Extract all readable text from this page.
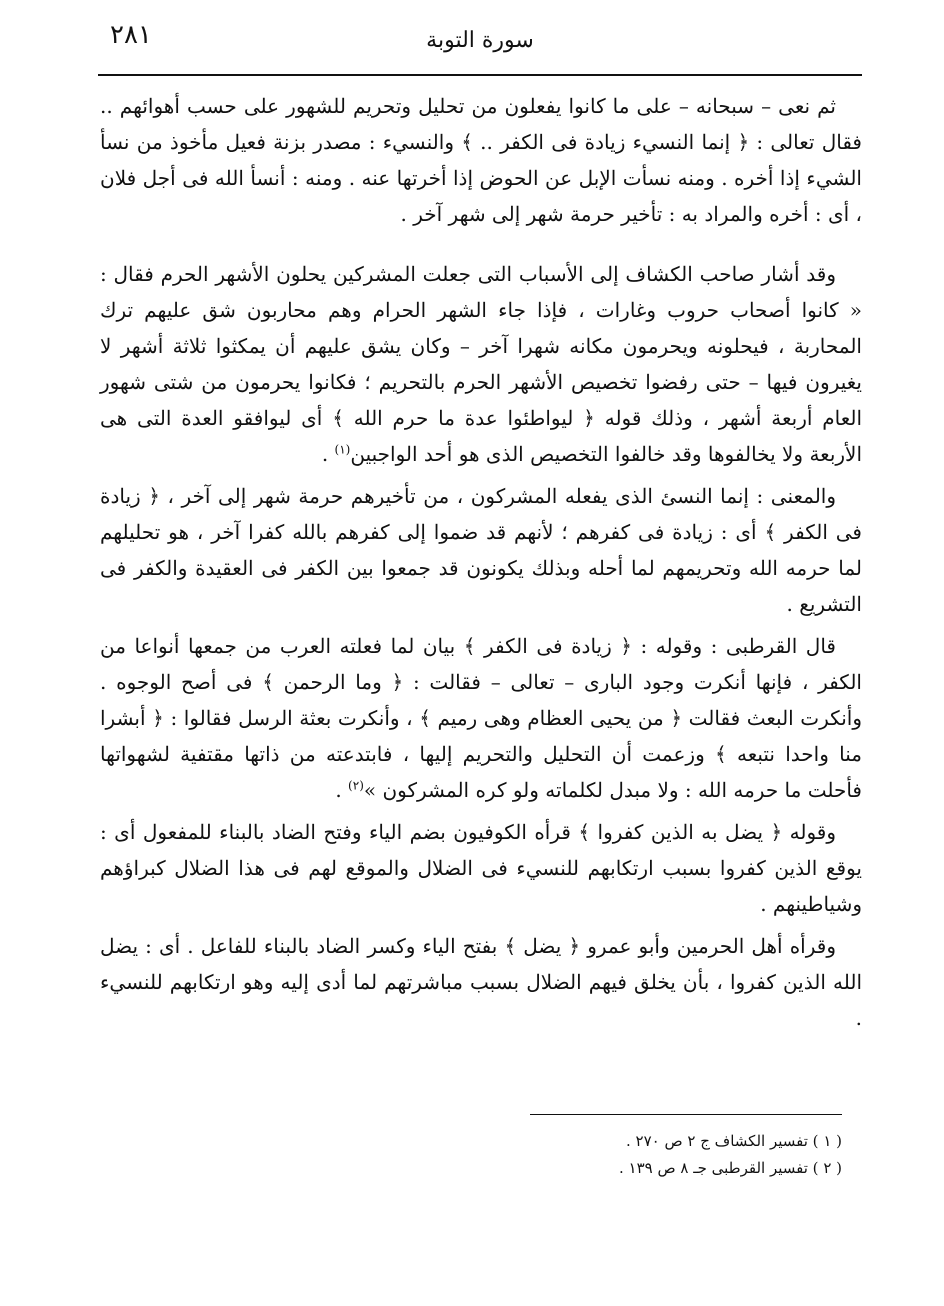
٢٨١	سورة التوبة

ثم نعى – سبحانه – على ما كانوا يفعلون من تحليل وتحريم للشهور على حسب أهوائهم .. فقال تعالى : ﴿ إنما النسيء زيادة فى الكفر .. ﴾ والنسيء : مصدر بزنة فعيل مأخوذ من نسأ الشيء إذا أخره . ومنه نسأت الإبل عن الحوض إذا أخرتها عنه . ومنه : أنسأ الله فى أجل فلان ، أى : أخره والمراد به : تأخير حرمة شهر إلى شهر آخر .

وقد أشار صاحب الكشاف إلى الأسباب التى جعلت المشركين يحلون الأشهر الحرم فقال : « كانوا أصحاب حروب وغارات ، فإذا جاء الشهر الحرام وهم محاربون شق عليهم ترك المحاربة ، فيحلونه ويحرمون مكانه شهرا آخر – وكان يشق عليهم أن يمكثوا ثلاثة أشهر لا يغيرون فيها – حتى رفضوا تخصيص الأشهر الحرم بالتحريم ؛ فكانوا يحرمون من شتى شهور العام أربعة أشهر ، وذلك قوله ﴿ ليواطئوا عدة ما حرم الله ﴾ أى ليوافقو العدة التى هى الأربعة ولا يخالفوها وقد خالفوا التخصيص الذى هو أحد الواجبين$^{(١)}$ .

والمعنى : إنما النسئ الذى يفعله المشركون ، من تأخيرهم حرمة شهر إلى آخر ، ﴿ زيادة فى الكفر ﴾ أى : زيادة فى كفرهم ؛ لأنهم قد ضموا إلى كفرهم بالله كفرا آخر ، هو تحليلهم لما حرمه الله وتحريمهم لما أحله وبذلك يكونون قد جمعوا بين الكفر فى العقيدة والكفر فى التشريع .

قال القرطبى : وقوله : ﴿ زيادة فى الكفر ﴾ بيان لما فعلته العرب من جمعها أنواعا من الكفر ، فإنها أنكرت وجود البارى – تعالى – فقالت : ﴿ وما الرحمن ﴾ فى أصح الوجوه . وأنكرت البعث فقالت ﴿ من يحيى العظام وهى رميم ﴾ ، وأنكرت بعثة الرسل فقالوا : ﴿ أبشرا منا واحدا نتبعه ﴾ وزعمت أن التحليل والتحريم إليها ، فابتدعته من ذاتها مقتفية لشهواتها فأحلت ما حرمه الله : ولا مبدل لكلماته ولو كره المشركون »$^{(٢)}$ .

وقوله ﴿ يضل به الذين كفروا ﴾ قرأه الكوفيون بضم الياء وفتح الضاد بالبناء للمفعول أى : يوقع الذين كفروا بسبب ارتكابهم للنسيء فى الضلال والموقع لهم فى هذا الضلال كبراؤهم وشياطينهم .

وقرأه أهل الحرمين وأبو عمرو ﴿ يضل ﴾ بفتح الياء وكسر الضاد بالبناء للفاعل . أى : يضل الله الذين كفروا ، بأن يخلق فيهم الضلال بسبب مباشرتهم لما أدى إليه وهو ارتكابهم للنسيء .

( ١ ) تفسير الكشاف ج ٢ ص ٢٧٠ .
( ٢ ) تفسير القرطبى جـ ٨ ص ١٣٩ .
